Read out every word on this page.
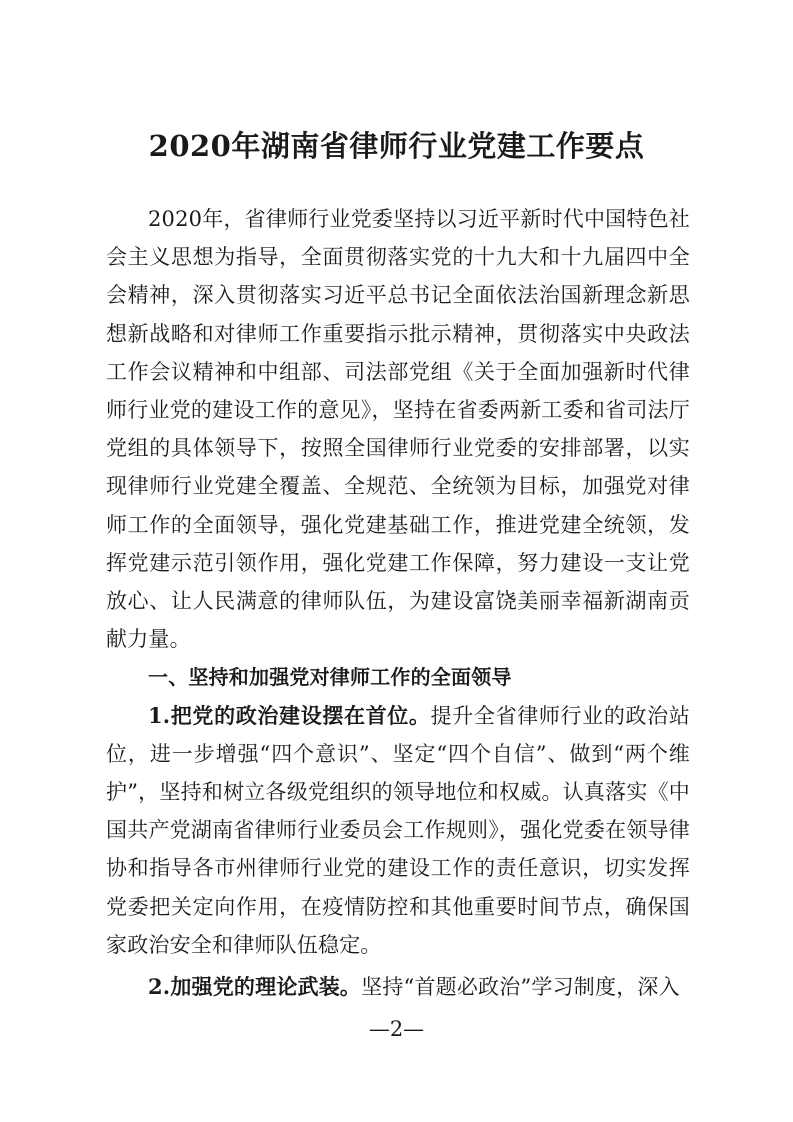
2020年湖南省律师行业党建工作要点

2020年，省律师行业党委坚持以习近平新时代中国特色社会主义思想为指导，全面贯彻落实党的十九大和十九届四中全会精神，深入贯彻落实习近平总书记全面依法治国新理念新思想新战略和对律师工作重要指示批示精神，贯彻落实中央政法工作会议精神和中组部、司法部党组《关于全面加强新时代律师行业党的建设工作的意见》，坚持在省委两新工委和省司法厅党组的具体领导下，按照全国律师行业党委的安排部署，以实现律师行业党建全覆盖、全规范、全统领为目标，加强党对律师工作的全面领导，强化党建基础工作，推进党建全统领，发挥党建示范引领作用，强化党建工作保障，努力建设一支让党放心、让人民满意的律师队伍，为建设富饶美丽幸福新湖南贡献力量。

一、坚持和加强党对律师工作的全面领导

1.把党的政治建设摆在首位。提升全省律师行业的政治站位，进一步增强“四个意识”、坚定“四个自信”、做到“两个维护”，坚持和树立各级党组织的领导地位和权威。认真落实《中国共产党湖南省律师行业委员会工作规则》，强化党委在领导律协和指导各市州律师行业党的建设工作的责任意识，切实发挥党委把关定向作用，在疫情防控和其他重要时间节点，确保国家政治安全和律师队伍稳定。

2.加强党的理论武装。坚持“首题必政治”学习制度，深入

—2—
